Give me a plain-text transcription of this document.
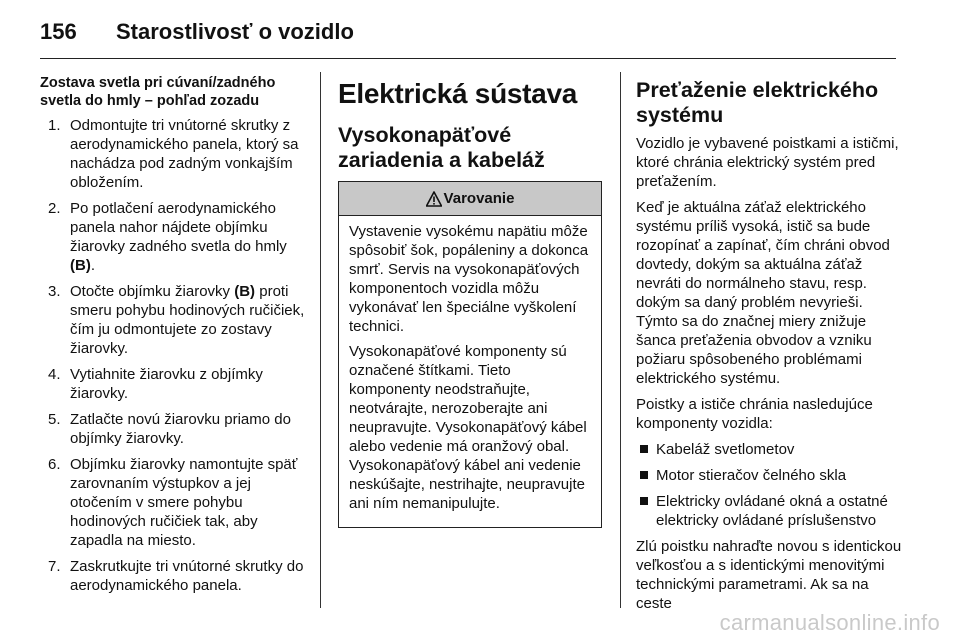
156	Starostlivosť o vozidlo
Zostava svetla pri cúvaní/zadného svetla do hmly – pohľad zozadu
1. Odmontujte tri vnútorné skrutky z aerodynamického panela, ktorý sa nachádza pod zadným vonkajším obložením.
2. Po potlačení aerodynamického panela nahor nájdete objímku žiarovky zadného svetla do hmly (B).
3. Otočte objímku žiarovky (B) proti smeru pohybu hodinových ručičiek, čím ju odmontujete zo zostavy žiarovky.
4. Vytiahnite žiarovku z objímky žiarovky.
5. Zatlačte novú žiarovku priamo do objímky žiarovky.
6. Objímku žiarovky namontujte späť zarovnaním výstupkov a jej otočením v smere pohybu hodinových ručičiek tak, aby zapadla na miesto.
7. Zaskrutkujte tri vnútorné skrutky do aerodynamického panela.
Elektrická sústava
Vysokonapäťové zariadenia a kabeláž
Varovanie

Vystavenie vysokému napätiu môže spôsobiť šok, popáleniny a dokonca smrť. Servis na vysokonapäťových komponentoch vozidla môžu vykonávať len špeciálne vyškolení technici.

Vysokonapäťové komponenty sú označené štítkami. Tieto komponenty neodstraňujte, neotvárajte, nerozoberajte ani neupravujte. Vysokonapäťový kábel alebo vedenie má oranžový obal. Vysokonapäťový kábel ani vedenie neskúšajte, nestrihajte, neupravujte ani ním nemanipulujte.

Preťaženie elektrického systému

Vozidlo je vybavené poistkami a ističmi, ktoré chránia elektrický systém pred preťažením.

Keď je aktuálna záťaž elektrického systému príliš vysoká, istič sa bude rozopínať a zapínať, čím chráni obvod dovtedy, dokým sa aktuálna záťaž nevráti do normálneho stavu, resp. dokým sa daný problém nevyrieši. Týmto sa do značnej miery znižuje šanca preťaženia obvodov a vzniku požiaru spôsobeného problémami elektrického systému.

Poistky a ističe chránia nasledujúce komponenty vozidla:

Kabeláž svetlometov
Motor stieračov čelného skla
Elektricky ovládané okná a ostatné elektricky ovládané príslušenstvo

Zlú poistku nahraďte novou s identickou veľkosťou a s identickými menovitými technickými parametrami. Ak sa na ceste

carmanualsonline.info
